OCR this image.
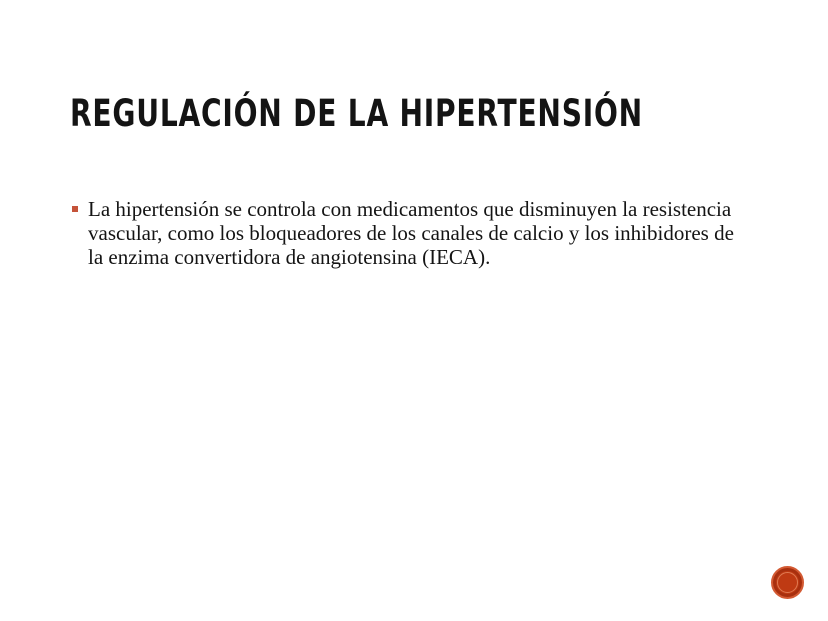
REGULACIÓN DE LA HIPERTENSIÓN
La hipertensión se controla con medicamentos que disminuyen la resistencia vascular, como los bloqueadores de los canales de calcio y los inhibidores de la enzima convertidora de angiotensina (IECA).
